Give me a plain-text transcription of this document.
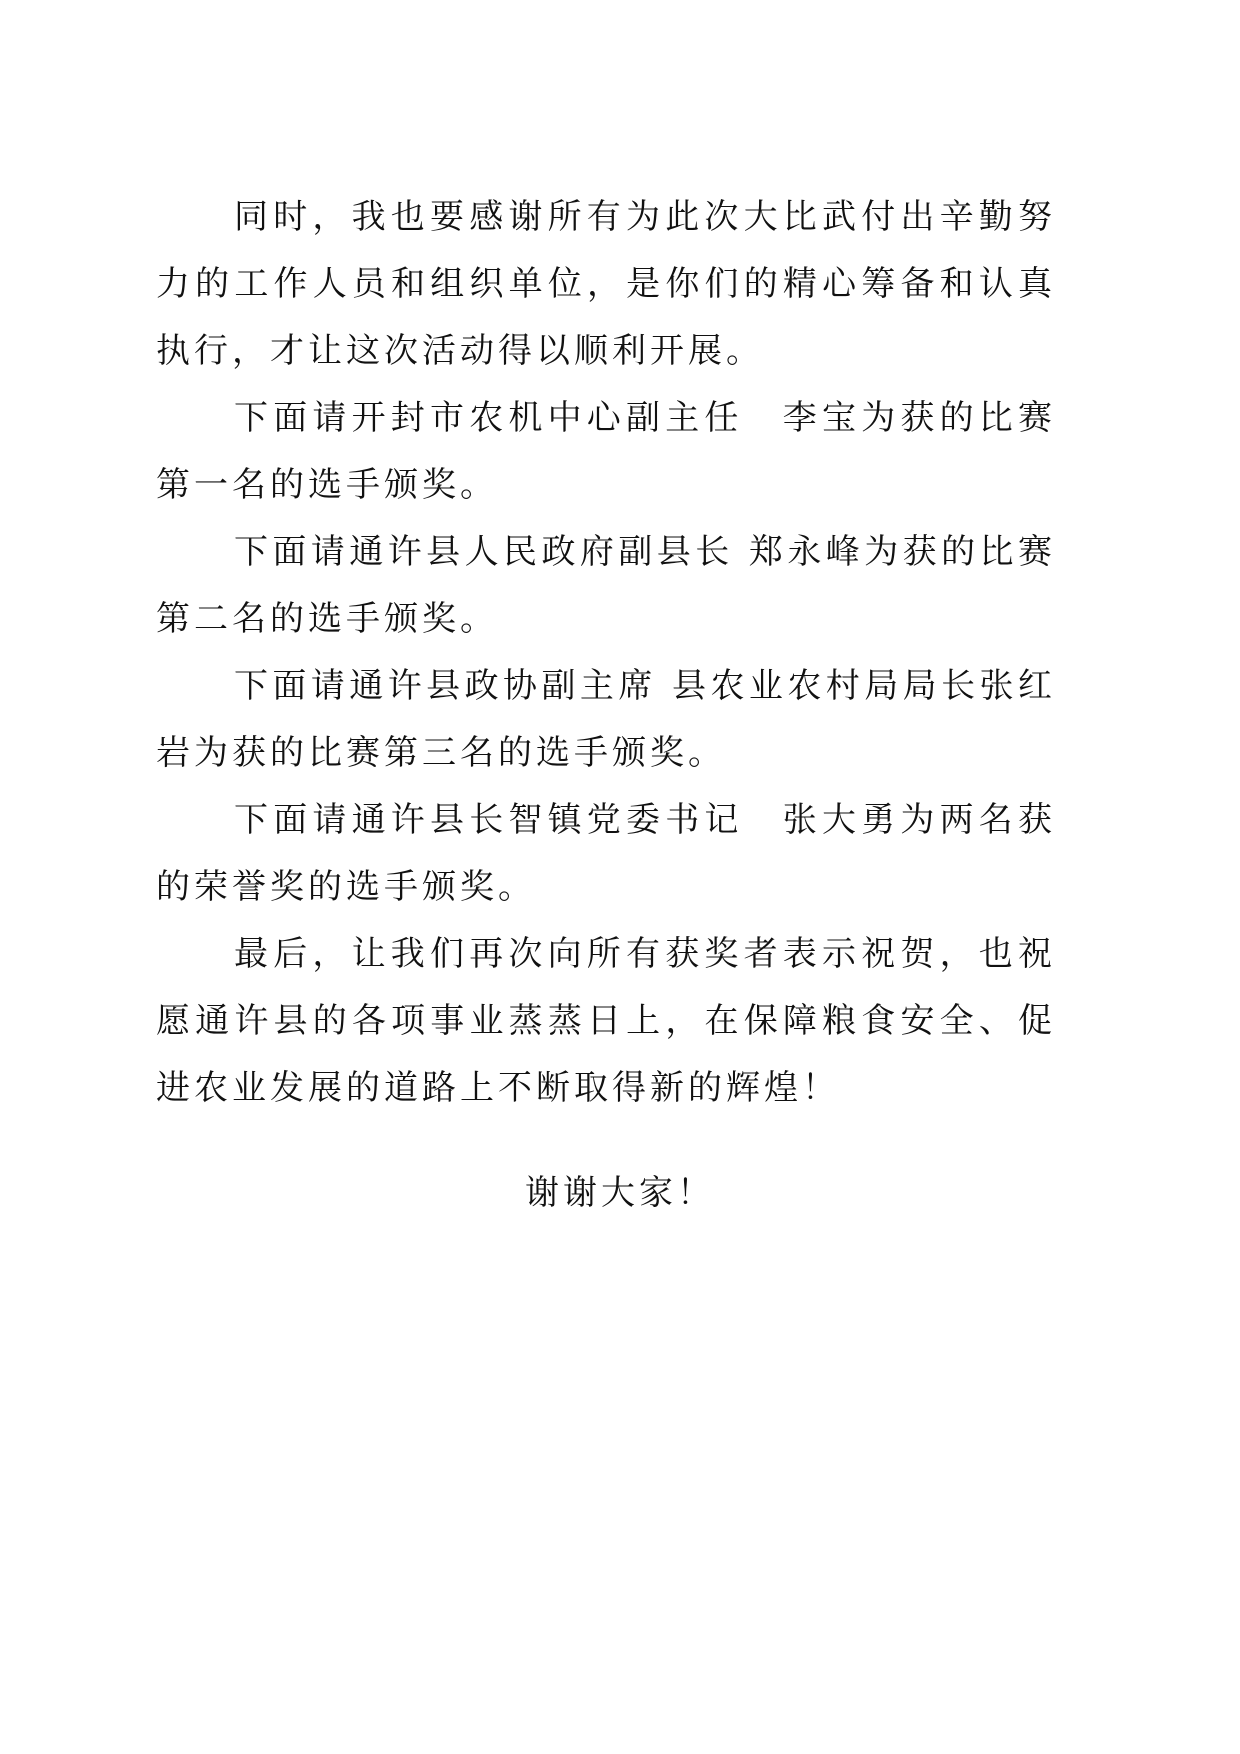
同时，我也要感谢所有为此次大比武付出辛勤努力的工作人员和组织单位，是你们的精心筹备和认真执行，才让这次活动得以顺利开展。

下面请开封市农机中心副主任　李宝为获的比赛第一名的选手颁奖。

下面请通许县人民政府副县长 郑永峰为获的比赛第二名的选手颁奖。

下面请通许县政协副主席 县农业农村局局长张红岩为获的比赛第三名的选手颁奖。

下面请通许县长智镇党委书记　张大勇为两名获的荣誉奖的选手颁奖。

最后，让我们再次向所有获奖者表示祝贺，也祝愿通许县的各项事业蒸蒸日上，在保障粮食安全、促进农业发展的道路上不断取得新的辉煌！

谢谢大家！
